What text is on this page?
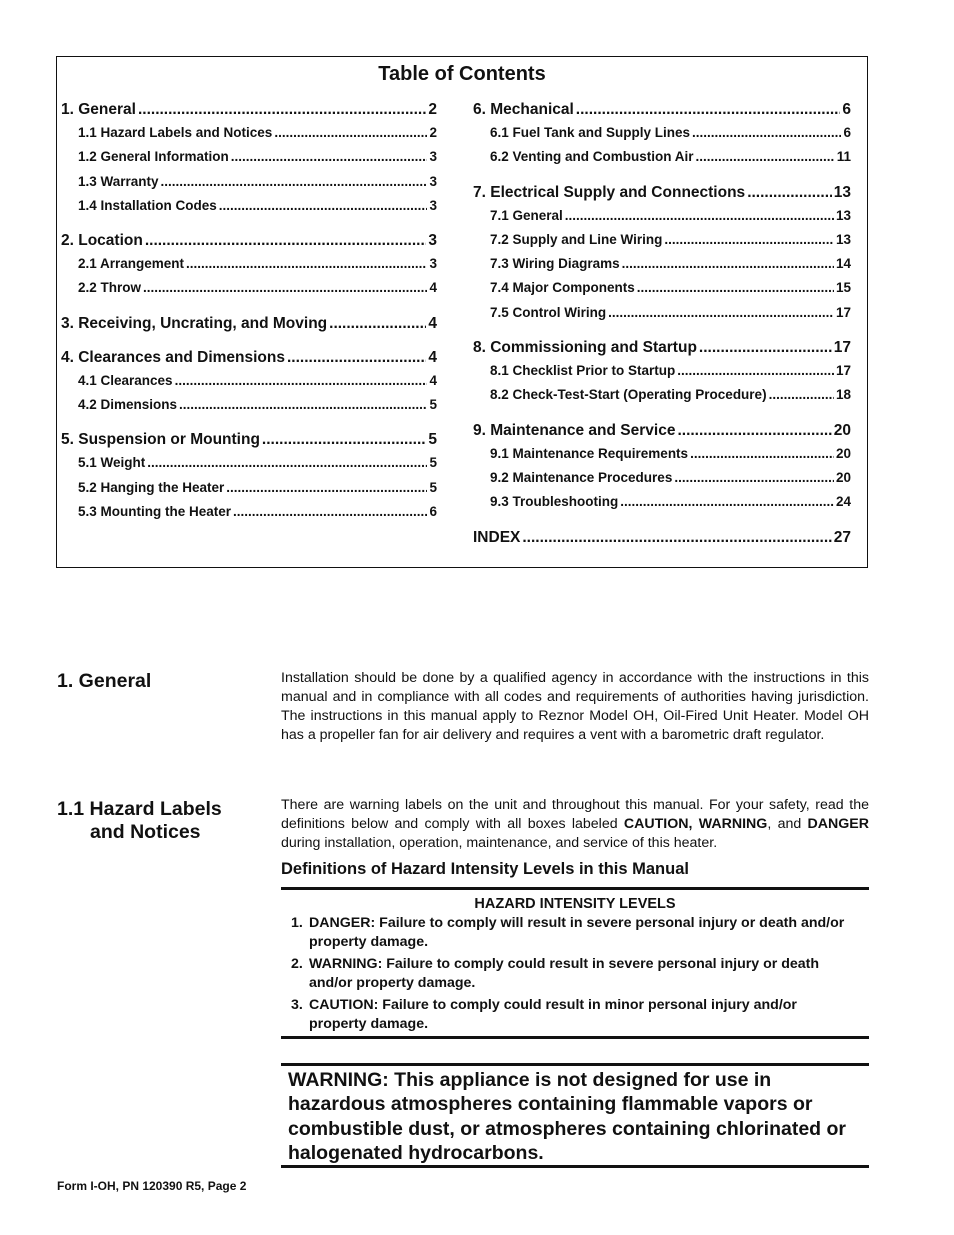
Table of Contents
1. General .....	2
1.1 Hazard Labels and Notices .....	2
1.2 General Information .....	3
1.3 Warranty .....	3
1.4 Installation Codes .....	3
2. Location .....	3
2.1 Arrangement .....	3
2.2 Throw .....	4
3. Receiving, Uncrating, and Moving .....	4
4. Clearances and Dimensions .....	4
4.1 Clearances .....	4
4.2 Dimensions .....	5
5. Suspension or Mounting .....	5
5.1 Weight .....	5
5.2 Hanging the Heater .....	5
5.3 Mounting the Heater .....	6
6. Mechanical .....	6
6.1 Fuel Tank and Supply Lines .....	6
6.2 Venting and Combustion Air .....	11
7. Electrical Supply and Connections .....	13
7.1 General .....	13
7.2 Supply and Line Wiring .....	13
7.3 Wiring Diagrams .....	14
7.4 Major Components .....	15
7.5 Control Wiring .....	17
8. Commissioning and Startup .....	17
8.1 Checklist Prior to Startup .....	17
8.2 Check-Test-Start (Operating Procedure) .....	18
9. Maintenance and Service .....	20
9.1 Maintenance Requirements .....	20
9.2 Maintenance Procedures .....	20
9.3 Troubleshooting .....	24
INDEX .....	27
1. General	Installation should be done by a qualified agency in accordance with the instructions in this manual and in compliance with all codes and requirements of authorities having jurisdiction. The instructions in this manual apply to Reznor Model OH, Oil-Fired Unit Heater. Model OH has a propeller fan for air delivery and requires a vent with a barometric draft regulator.
1.1 Hazard Labels
and Notices
There are warning labels on the unit and throughout this manual. For your safety, read the definitions below and comply with all boxes labeled CAUTION, WARNING, and DANGER during installation, operation, maintenance, and service of this heater.
Definitions of Hazard Intensity Levels in this Manual
HAZARD INTENSITY LEVELS
1. DANGER: Failure to comply will result in severe personal injury or death and/or property damage.
2. WARNING: Failure to comply could result in severe personal injury or death and/or property damage.
3. CAUTION: Failure to comply could result in minor personal injury and/or property damage.
WARNING: This appliance is not designed for use in hazardous atmospheres containing flammable vapors or combustible dust, or atmospheres containing chlorinated or halogenated hydrocarbons.
Form I-OH, PN 120390 R5, Page 2
